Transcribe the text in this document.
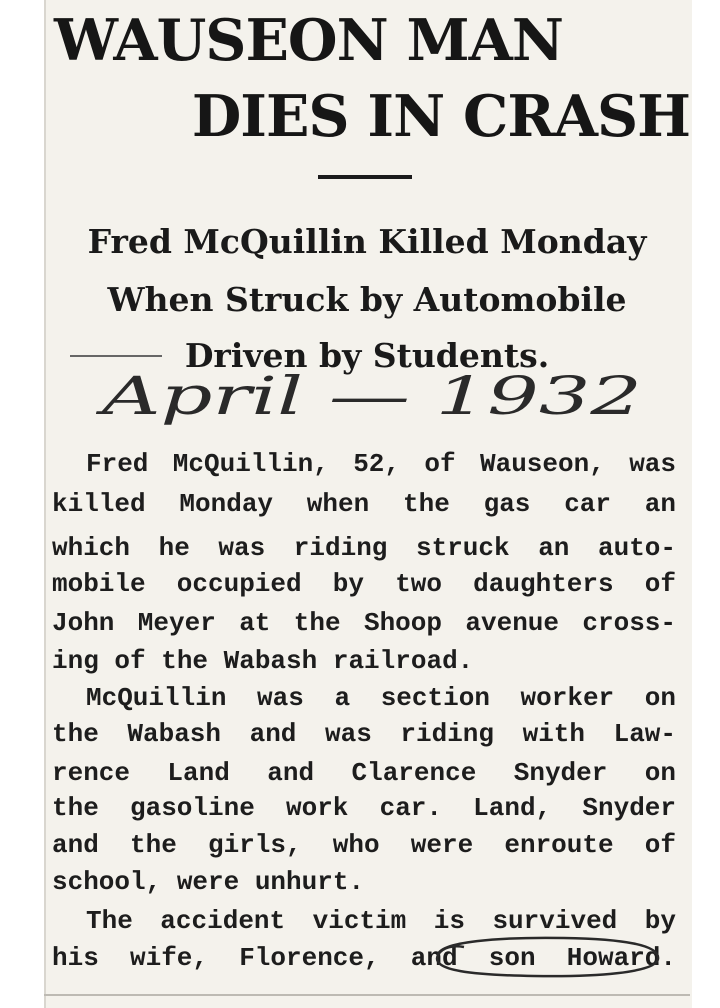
WAUSEON MAN
DIES IN CRASH
Fred McQuillin Killed Monday
When Struck by Automobile
Driven by Students.
April — 1932

Fred McQuillin, 52, of Wauseon, was

killed Monday when the gas car an

which he was riding struck an auto-

mobile occupied by two daughters of

John Meyer at the Shoop avenue cross-

ing of the Wabash railroad.

McQuillin was a section worker on

the Wabash and was riding with Law-

rence Land and Clarence Snyder on

the gasoline work car. Land, Snyder

and the girls, who were enroute of

school, were unhurt.

The accident victim is survived by

his wife, Florence, and son Howard.
